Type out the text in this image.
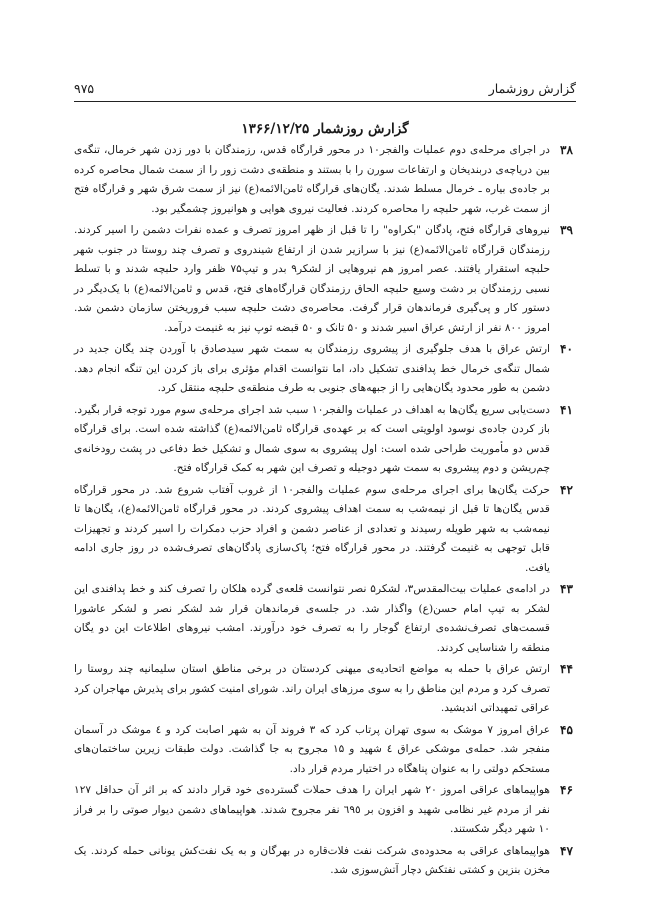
گزارش روزشمار
۹۷۵
گزارش روزشمار ۱۳۶۶/۱۲/۲۵
۳۸
در اجرای مرحله‌ی دوم عملیات والفجر۱۰ در محور قرارگاه قدس، رزمندگان با دور زدن شهر خرمال، تنگه‌ی بین دریاچه‌ی دربندیخان و ارتفاعات سورن را با بستند و منطقه‌ی دشت زور را از سمت شمال محاصره کرده بر جاده‌ی بیاره ـ خرمال مسلط شدند. یگان‌های قرارگاه ثامن‌الائمه(ع) نیز از سمت شرق شهر و قرارگاه فتح از سمت غرب، شهر حلبچه را محاصره کردند. فعالیت نیروی هوایی و هوانیروز چشمگیر بود.
۳۹
نیروهای قرارگاه فتح، پادگان "بکراوه" را تا قبل از ظهر امروز تصرف و عمده نفرات دشمن را اسیر کردند. رزمندگان قرارگاه ثامن‌الائمه(ع) نیز با سرازیر شدن از ارتفاع شیندروی و تصرف چند روستا در جنوب شهر حلبچه استقرار یافتند. عصر امروز هم نیروهایی از لشکر۹ بدر و تیپ۷۵ ظفر وارد حلبچه شدند و با تسلط نسبی رزمندگان بر دشت وسیع حلبچه الحاق رزمندگان قرارگاه‌های فتح، قدس و ثامن‌الائمه(ع) با یک‌دیگر در دستور کار و پی‌گیری فرماندهان قرار گرفت. محاصره‌ی دشت حلبچه سبب فروریختن سازمان دشمن شد. امروز ۸۰۰ نفر از ارتش عراق اسیر شدند و ۵۰ تانک و ۵۰ قبضه توپ نیز به غنیمت درآمد.
۴۰
ارتش عراق با هدف جلوگیری از پیشروی رزمندگان به سمت شهر سیدصادق با آوردن چند یگان جدید در شمال تنگه‌ی خرمال خط پدافندی تشکیل داد، اما نتوانست اقدام مؤثری برای باز کردن این تنگه انجام دهد. دشمن به طور محدود یگان‌هایی را از جبهه‌های جنوبی به طرف منطقه‌ی حلبچه منتقل کرد.
۴۱
دست‌یابی سریع یگان‌ها به اهداف در عملیات والفجر۱۰ سبب شد اجرای مرحله‌ی سوم مورد توجه قرار بگیرد. باز کردن جاده‌ی نوسود اولویتی است که بر عهده‌ی قرارگاه ثامن‌الائمه(ع) گذاشته شده است. برای قرارگاه قدس دو مأموریت طراحی شده است: اول پیشروی به سوی شمال و تشکیل خط دفاعی در پشت رودخانه‌ی چم‌ریشن و دوم پیشروی به سمت شهر دوجیله و تصرف این شهر به کمک قرارگاه فتح.
۴۲
حرکت یگان‌ها برای اجرای مرحله‌ی سوم عملیات والفجر۱۰ از غروب آفتاب شروع شد. در محور قرارگاه قدس یگان‌ها تا قبل از نیمه‌شب به سمت اهداف پیشروی کردند. در محور قرارگاه ثامن‌الائمه(ع)، یگان‌ها تا نیمه‌شب به شهر طویله رسیدند و تعدادی از عناصر دشمن و افراد حزب دمکرات را اسیر کردند و تجهیزات قابل توجهی به غنیمت گرفتند. در محور قرارگاه فتح؛ پاک‌سازی پادگان‌های تصرف‌شده در روز جاری ادامه یافت.
۴۳
در ادامه‌ی عملیات بیت‌المقدس۳، لشکر۵ نصر نتوانست قلعه‌ی گرده هلکان را تصرف کند و خط پدافندی این لشکر به تیپ امام حسن(ع) واگذار شد. در جلسه‌ی فرماندهان قرار شد لشکر نصر و لشکر عاشورا قسمت‌های تصرف‌نشده‌ی ارتفاع گوجار را به تصرف خود درآورند. امشب نیروهای اطلاعات این دو یگان منطقه را شناسایی کردند.
۴۴
ارتش عراق با حمله به مواضع اتحادیه‌ی میهنی کردستان در برخی مناطق استان سلیمانیه چند روستا را تصرف کرد و مردم این مناطق را به سوی مرزهای ایران راند. شورای امنیت کشور برای پذیرش مهاجران کرد عراقی تمهیداتی اندیشید.
۴۵
عراق امروز ۷ موشک به سوی تهران پرتاب کرد که ۳ فروند آن به شهر اصابت کرد و ٤ موشک در آسمان منفجر شد. حمله‌ی موشکی عراق ٤ شهید و ۱۵ مجروح به جا گذاشت. دولت طبقات زیرین ساختمان‌های مستحکم دولتی را به عنوان پناهگاه در اختیار مردم قرار داد.
۴۶
هواپیماهای عراقی امروز ۲۰ شهر ایران را هدف حملات گسترده‌ی خود قرار دادند که بر اثر آن حداقل ۱۲۷ نفر از مردم غیر نظامی شهید و افزون بر ٦۹٥ نفر مجروح شدند. هواپیماهای دشمن دیوار صوتی را بر فراز ۱۰ شهر دیگر شکستند.
۴۷
هواپیماهای عراقی به محدوده‌ی شرکت نفت فلات‌قاره در بهرگان و به یک نفت‌کش یونانی حمله کردند. یک مخزن بنزین و کشتی نفتکش دچار آتش‌سوزی شد.
